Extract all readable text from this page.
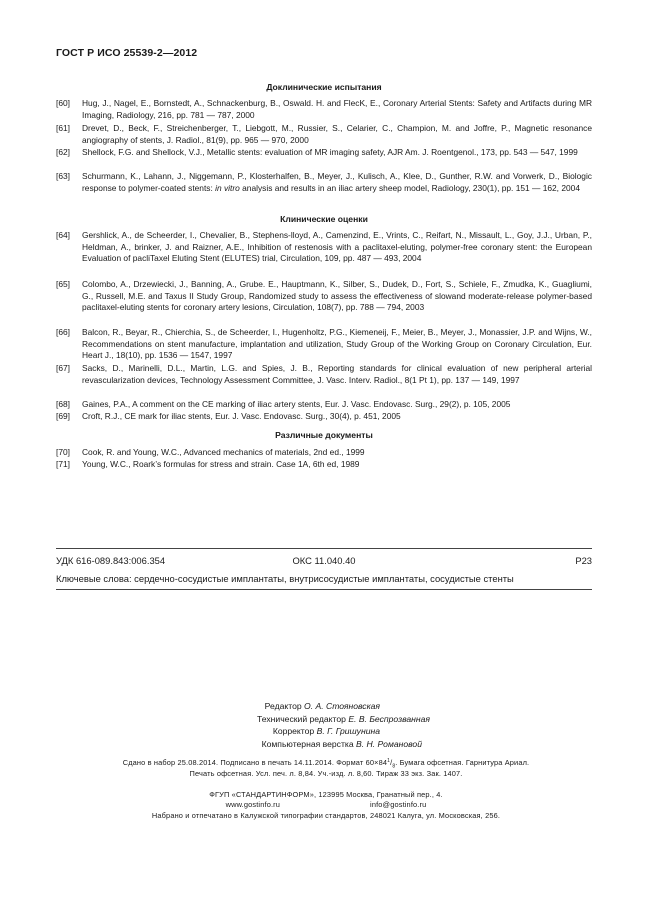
ГОСТ Р ИСО 25539-2—2012
Доклинические испытания
[60]	Hug, J., Nagel, E., Bornstedt, A., Schnackenburg, B., Oswald. H. and FlecK, E., Coronary Arterial Stents: Safety and Artifacts during MR Imaging, Radiology, 216, pp. 781 — 787, 2000
[61]	Drevet, D., Beck, F., Streichenberger, T., Liebgott, M., Russier, S., Celarier, C., Champion, M. and Joffre, P., Magnetic resonance angiography of stents, J. Radiol., 81(9), pp. 965 — 970, 2000
[62]	Shellock, F.G. and Shellock, V.J., Metallic stents: evaluation of MR imaging safety, AJR Am. J. Roentgenol., 173, pp. 543 — 547, 1999
[63]	Schurmann, K., Lahann, J., Niggemann, P., Klosterhalfen, B., Meyer, J., Kulisch, A., Klee, D., Gunther, R.W. and Vorwerk, D., Biologic response to polymer-coated stents: in vitro analysis and results in an iliac artery sheep model, Radiology, 230(1), pp. 151 — 162, 2004
Клинические оценки
[64]	Gershlick, A., de Scheerder, I., Chevalier, B., Stephens-lloyd, A., Camenzind, E., Vrints, C., Reifart, N., Missault, L., Goy, J.J., Urban, P., Heldman, A., brinker, J. and Raizner, A.E., Inhibition of restenosis with a paclitaxel-eluting, polymer-free coronary stent: the European Evaluation of pacliTaxel Eluting Stent (ELUTES) trial, Circulation, 109, pp. 487 — 493, 2004
[65]	Colombo, A., Drzewiecki, J., Banning, A., Grube. E., Hauptmann, K., Silber, S., Dudek, D., Fort, S., Schiele, F., Zmudka, K., Guagliumi, G., Russell, M.E. and Taxus II Study Group, Randomized study to assess the effectiveness of slowand moderate-release polymer-based paclitaxel-eluting stents for coronary artery lesions, Circulation, 108(7), pp. 788 — 794, 2003
[66]	Balcon, R., Beyar, R., Chierchia, S., de Scheerder, I., Hugenholtz, P.G., Kiemeneij, F., Meier, B., Meyer, J., Monassier, J.P. and Wijns, W., Recommendations on stent manufacture, implantation and utilization, Study Group of the Working Group on Coronary Circulation, Eur. Heart J., 18(10), pp. 1536 — 1547, 1997
[67]	Sacks, D., Marinelli, D.L., Martin, L.G. and Spies, J. B., Reporting standards for clinical evaluation of new peripheral arterial revascularization devices, Technology Assessment Committee, J. Vasc. Interv. Radiol., 8(1 Pt 1), pp. 137 — 149, 1997
[68]	Gaines, P.A., A comment on the CE marking of iliac artery stents, Eur. J. Vasc. Endovasc. Surg., 29(2), p. 105, 2005
[69]	Croft, R.J., CE mark for iliac stents, Eur. J. Vasc. Endovasc. Surg., 30(4), p. 451, 2005
Различные документы
[70]	Cook, R. and Young, W.C., Advanced mechanics of materials, 2nd ed., 1999
[71]	Young, W.C., Roark’s formulas for stress and strain. Case 1A, 6th ed, 1989
УДК 616-089.843:006.354	ОКС 11.040.40	Р23
Ключевые слова: сердечно-сосудистые имплантаты, внутрисосудистые имплантаты, сосудистые стенты
Редактор О. А. Стояновская
Технический редактор Е. В. Беспрозванная
Корректор В. Г. Гришунина
Компьютерная верстка В. Н. Романовой
Сдано в набор 25.08.2014. Подписано в печать 14.11.2014. Формат $60\times 84^1/_8$. Бумага офсетная. Гарнитура Ариал.
Печать офсетная. Усл. печ. л. 8,84. Уч.-изд. л. 8,60. Тираж 33 экз. Зак. 1407.
ФГУП «СТАНДАРТИНФОРМ», 123995 Москва, Гранатный пер., 4.
www.gostinfo.ru	info@gostinfo.ru
Набрано и отпечатано в Калужской типографии стандартов, 248021 Калуга, ул. Московская, 256.
